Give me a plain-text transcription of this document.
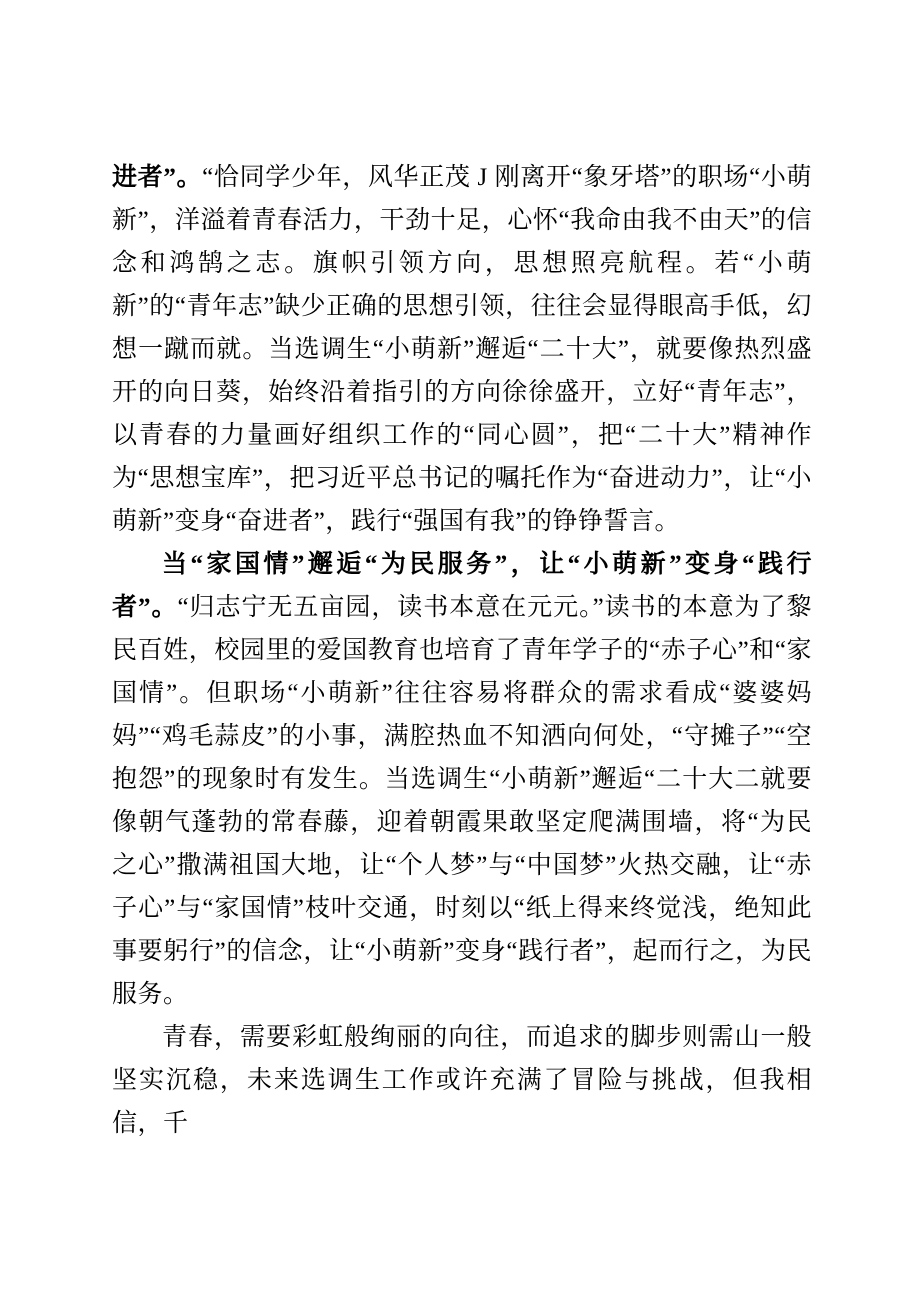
进者”。“恰同学少年，风华正茂 J 刚离开“象牙塔”的职场“小萌新”，洋溢着青春活力，干劲十足，心怀“我命由我不由天”的信念和鸿鹄之志。旗帜引领方向，思想照亮航程。若“小萌新”的“青年志”缺少正确的思想引领，往往会显得眼高手低，幻想一蹴而就。当选调生“小萌新”邂逅“二十大”，就要像热烈盛开的向日葵，始终沿着指引的方向徐徐盛开，立好“青年志”，以青春的力量画好组织工作的“同心圆”，把“二十大”精神作为“思想宝库”，把习近平总书记的嘱托作为“奋进动力”，让“小萌新”变身“奋进者”，践行“强国有我”的铮铮誓言。

当“家国情”邂逅“为民服务”，让“小萌新”变身“践行者”。“归志宁无五亩园，读书本意在元元。”读书的本意为了黎民百姓，校园里的爱国教育也培育了青年学子的“赤子心”和“家国情”。但职场“小萌新”往往容易将群众的需求看成“婆婆妈妈”“鸡毛蒜皮”的小事，满腔热血不知洒向何处，“守摊子”“空抱怨”的现象时有发生。当选调生“小萌新”邂逅“二十大二就要像朝气蓬勃的常春藤，迎着朝霞果敢坚定爬满围墙，将“为民之心”撒满祖国大地，让“个人梦”与“中国梦”火热交融，让“赤子心”与“家国情”枝叶交通，时刻以“纸上得来终觉浅，绝知此事要躬行”的信念，让“小萌新”变身“践行者”，起而行之，为民服务。

青春，需要彩虹般绚丽的向往，而追求的脚步则需山一般坚实沉稳，未来选调生工作或许充满了冒险与挑战，但我相信，千
